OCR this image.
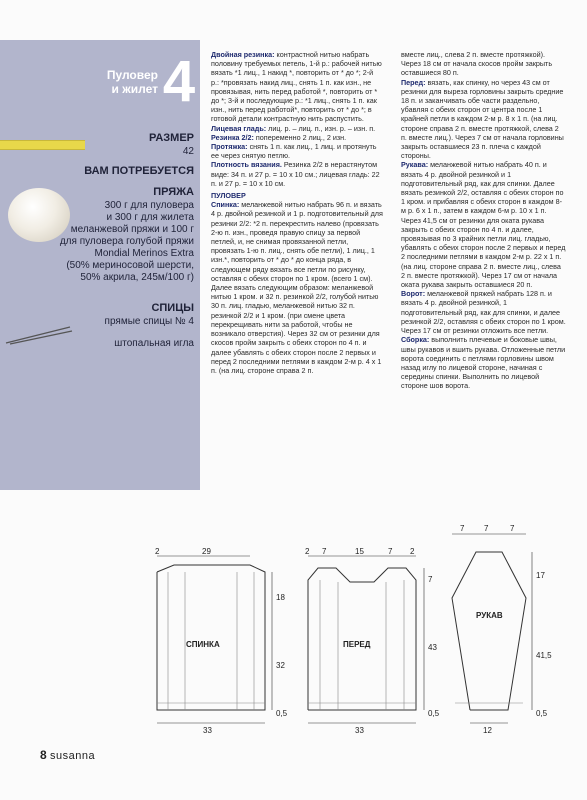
Пуловер
и жилет 4
РАЗМЕР
42
ВАМ ПОТРЕБУЕТСЯ
ПРЯЖА
300 г для пуловера
и 300 г для жилета
меланжевой пряжи и 100 г
для пуловера голубой пряжи
Mondial Merinos Extra
(50% мериносовой шерсти,
50% акрила, 245м/100 г)
СПИЦЫ
прямые спицы № 4
штопальная игла

Двойная резинка: контрастной нитью набрать половину требуемых петель, 1-й р.: рабочей нитью вязать *1 лиц., 1 накид *, повторить от * до *; 2-й р.: *провязать накид лиц., снять 1 п. как изн., не провязывая, нить перед работой *, повторить от * до *; 3-й и последующие р.: *1 лиц., снять 1 п. как изн., нить перед работой*, повторить от * до *; в готовой детали контрастную нить распустить.

Лицевая гладь: лиц. р. – лиц. п., изн. р. – изн. п.

Резинка 2/2: попеременно 2 лиц., 2 изн.

Протяжка: снять 1 п. как лиц., 1 лиц. и протянуть ее через снятую петлю.

Плотность вязания. Резинка 2/2 в нерастянутом виде: 34 п. и 27 р. = 10 х 10 см.; лицевая гладь: 22 п. и 27 р. = 10 х 10 см.

ПУЛОВЕР

Спинка: меланжевой нитью набрать 96 п. и вязать 4 р. двойной резинкой и 1 р. подготовительный для резинки 2/2: *2 п. перекрестить налево (провязать 2-ю п. изн., проведя правую спицу за первой петлей, и, не снимая провязанной петли, провязать 1-ю п. лиц., снять обе петли), 1 лиц., 1 изн.*, повторить от * до * до конца ряда, в следующем ряду вязать все петли по рисунку, оставляя с обеих сторон по 1 кром. (всего 1 см). Далее вязать следующим образом: меланжевой нитью 1 кром. и 32 п. резинкой 2/2, голубой нитью 30 п. лиц. гладью, меланжевой нитью 32 п. резинкой 2/2 и 1 кром. (при смене цвета перекрещивать нити за работой, чтобы не возникало отверстия). Через 32 см от резинки для скосов пройм закрыть с обеих сторон по 4 п. и далее убавлять с обеих сторон после 2 первых и перед 2 последними петлями в каждом 2-м р. 4 х 1 п. (на лиц. стороне справа 2 п.

вместе лиц., слева 2 п. вместе протяжкой). Через 18 см от начала скосов пройм закрыть оставшиеся 80 п.

Перед: вязать, как спинку, но через 43 см от резинки для выреза горловины закрыть средние 18 п. и заканчивать обе части раздельно, убавляя с обеих сторон от центра после 1 крайней петли в каждом 2-м р. 8 х 1 п. (на лиц. стороне справа 2 п. вместе протяжкой, слева 2 п. вместе лиц.). Через 7 см от начала горловины закрыть оставшиеся 23 п. плеча с каждой стороны.

Рукава: меланжевой нитью набрать 40 п. и вязать 4 р. двойной резинкой и 1 подготовительный ряд, как для спинки. Далее вязать резинкой 2/2, оставляя с обеих сторон по 1 кром. и прибавляя с обеих сторон в каждом 8-м р. 6 х 1 п., затем в каждом 6-м р. 10 х 1 п. Через 41,5 см от резинки для оката рукава закрыть с обеих сторон по 4 п. и далее, провязывая по 3 крайних петли лиц. гладью, убавлять с обеих сторон после 2 первых и перед 2 последними петлями в каждом 2-м р. 22 х 1 п. (на лиц. стороне справа 2 п. вместе лиц., слева 2 п. вместе протяжкой). Через 17 см от начала оката рукава закрыть оставшиеся 20 п.

Ворот: меланжевой пряжей набрать 128 п. и вязать 4 р. двойной резинкой, 1 подготовительный ряд, как для спинки, и далее резинкой 2/2, оставляя с обеих сторон по 1 кром. Через 17 см от резинки отложить все петли.

Сборка: выполнить плечевые и боковые швы, швы рукавов и вшить рукава. Отложенные петли ворота соединить с петлями горловины швом назад иглу по лицевой стороне, начиная с середины спинки. Выполнить по лицевой стороне шов ворота.

2	29
СПИНКА
18
32
0,5
33
2 7	15	7 2
ПЕРЕД
7
43
0,5
33
7 7	7
РУКАВ
17
41,5
0,5
12
8 susanna
